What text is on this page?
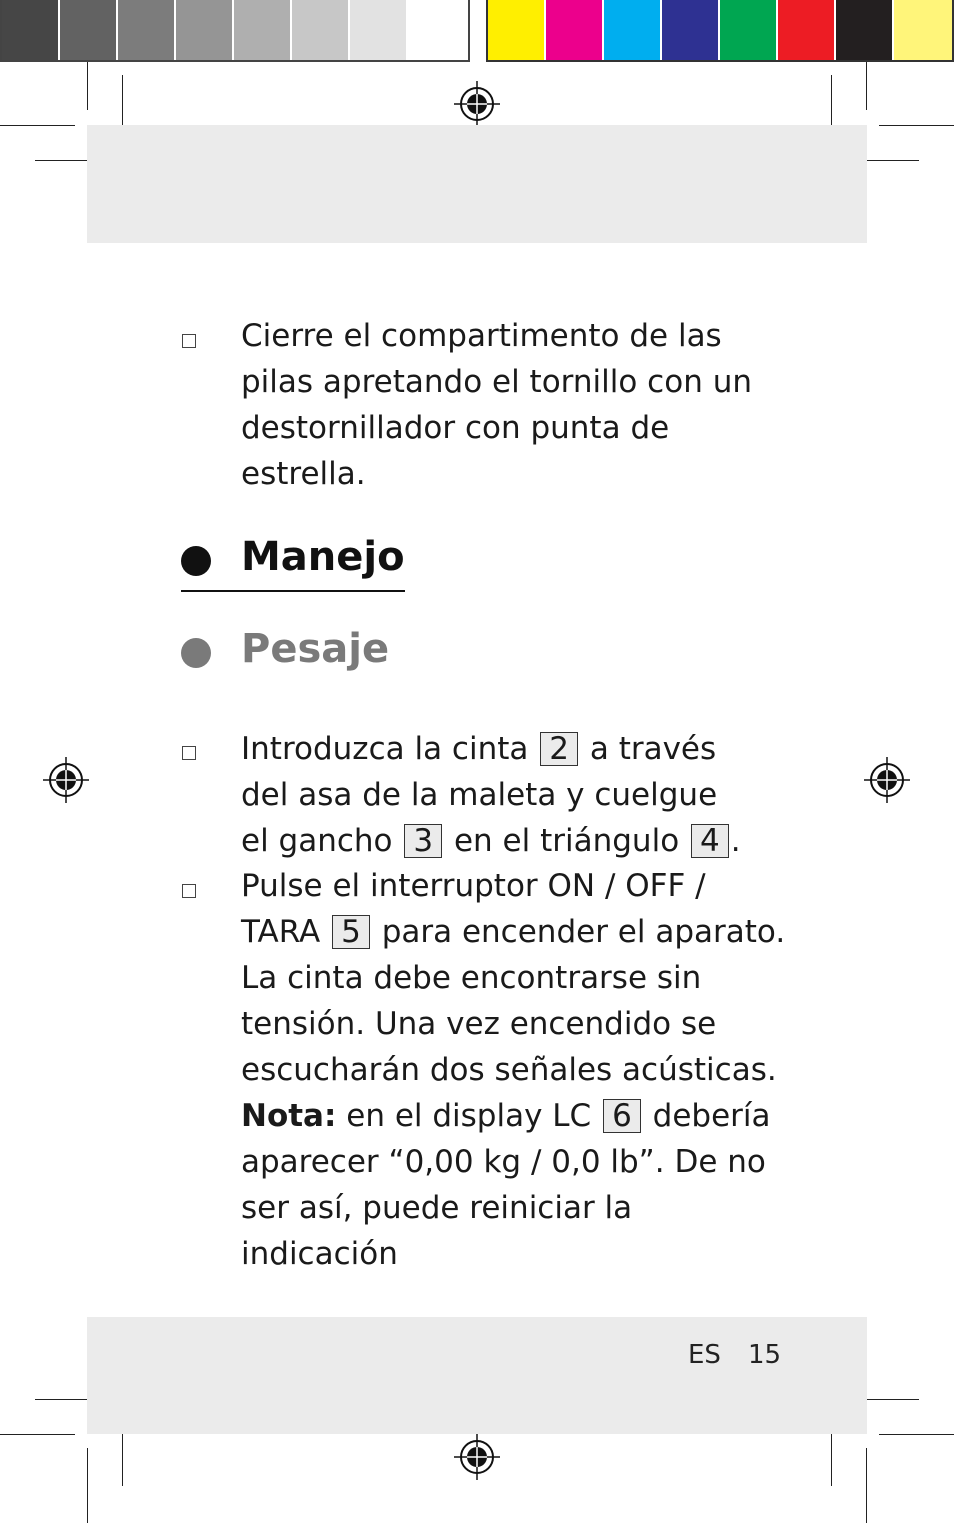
Cierre el compartimento de las pilas apretando el tornillo con un destornillador con punta de estrella.
Manejo
Pesaje
Introduzca la cinta 2 a través del asa de la maleta y cuelgue el gancho 3 en el triángulo 4 .
Pulse el interruptor ON / OFF / TARA 5 para encender el aparato. La cinta debe encontrarse sin tensión. Una vez encendido se escucharán dos señales acústicas.
Nota: en el display LC 6 debería aparecer “0,00 kg / 0,0 lb”. De no ser así, puede reiniciar la indicación
ES 15
